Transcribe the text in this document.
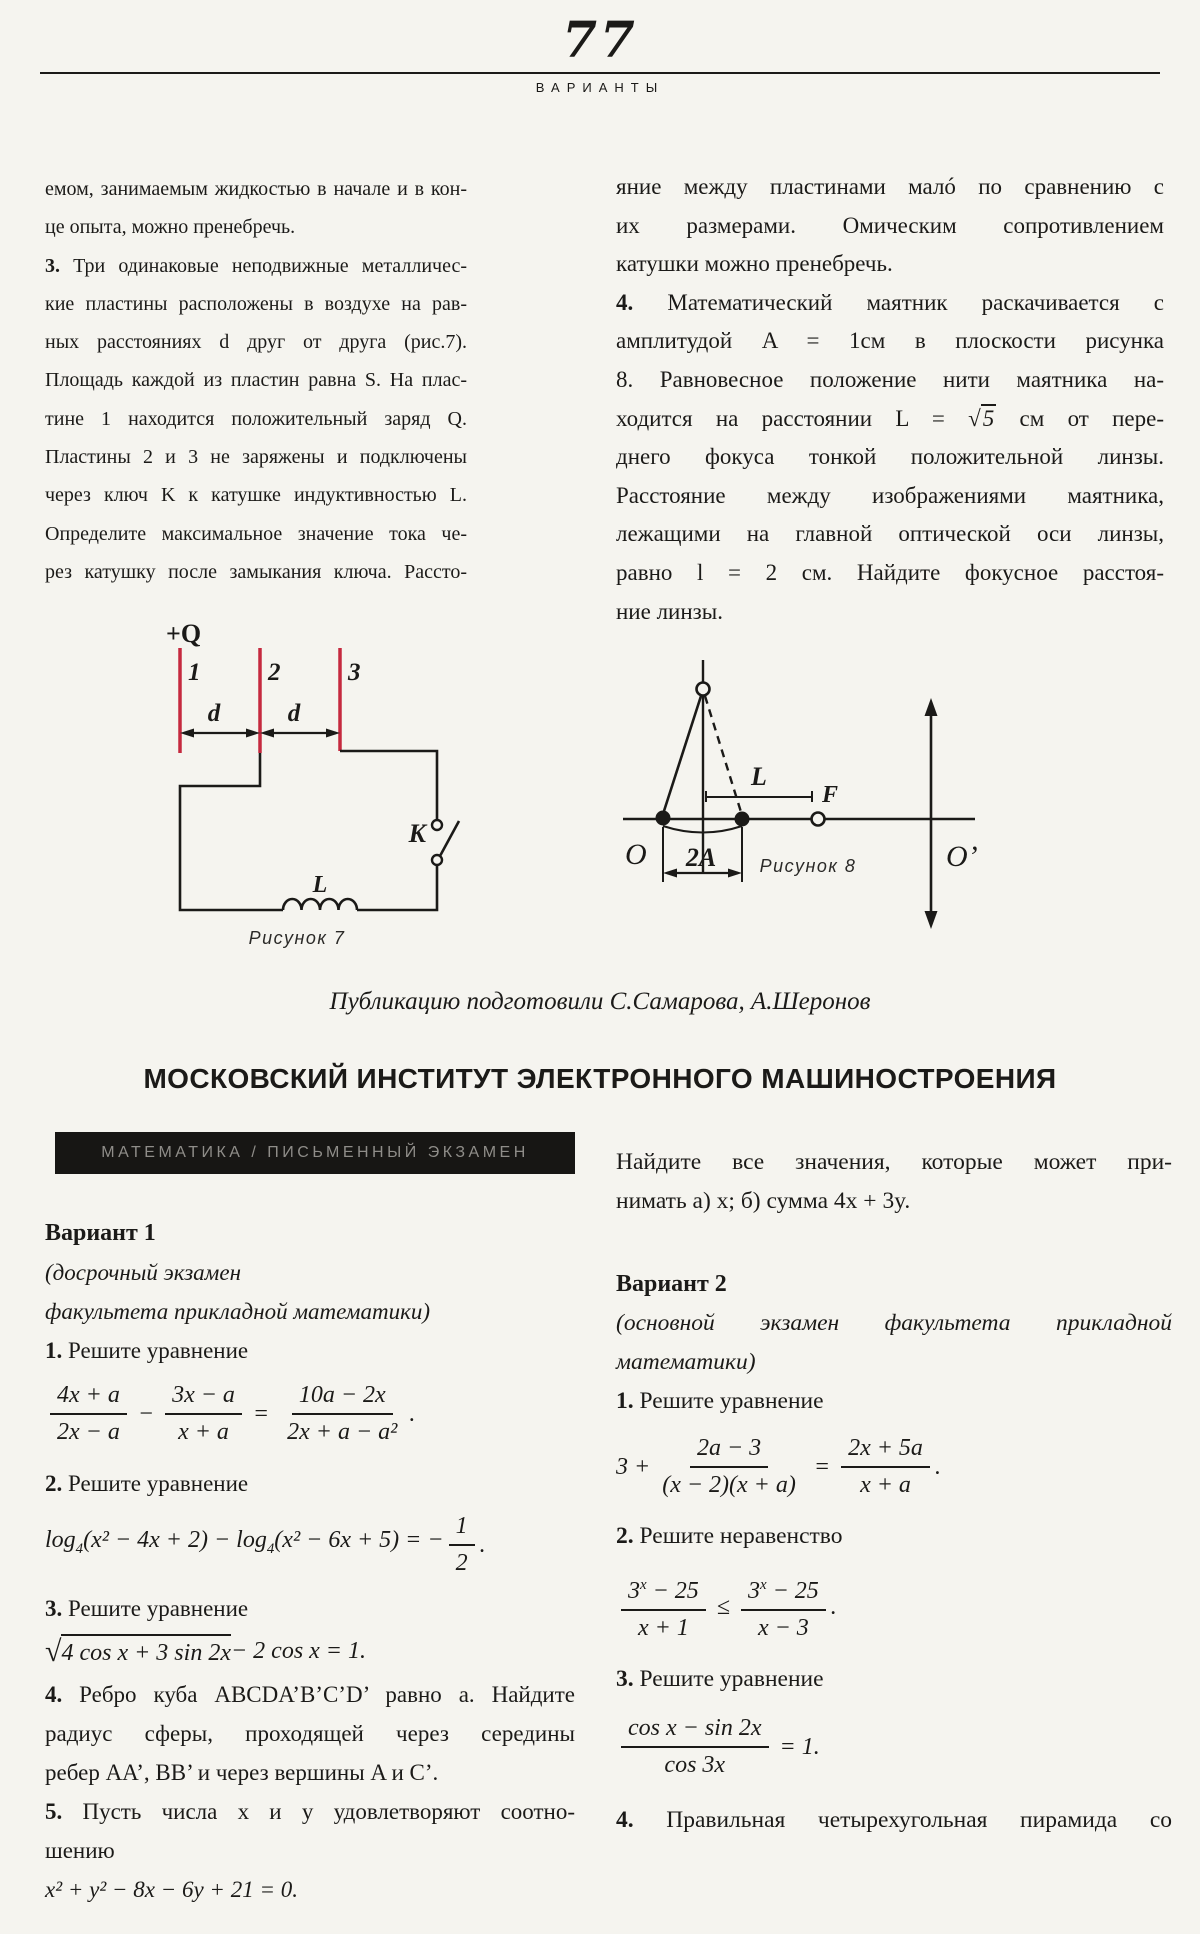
77
ВАРИАНТЫ
емом, занимаемым жидкостью в начале и в кон-
це опыта, можно пренебречь.
3. Три одинаковые неподвижные металличес-
кие пластины расположены в воздухе на рав-
ных расстояниях d друг от друга (рис.7).
Площадь каждой из пластин равна S. На плас-
тине 1 находится положительный заряд Q.
Пластины 2 и 3 не заряжены и подключены
через ключ K к катушке индуктивностью L.
Определите максимальное значение тока че-
рез катушку после замыкания ключа. Рассто-
яние между пластинами малó по сравнению с
их размерами. Омическим сопротивлением
катушки можно пренебречь.
4. Математический маятник раскачивается с
амплитудой A = 1см в плоскости рисунка
8. Равновесное положение нити маятника на-
ходится на расстоянии L = √5 см от пере-
днего фокуса тонкой положительной линзы.
Расстояние между изображениями маятника,
лежащими на главной оптической оси линзы,
равно l = 2 см. Найдите фокусное расстоя-
ние линзы.
+Q
1	2	3
d	d
K
L
Рисунок 7
L
F
2A
O	O’
Рисунок 8
Публикацию подготовили С.Самарова, А.Шеронов
МОСКОВСКИЙ ИНСТИТУТ ЭЛЕКТРОННОГО МАШИНОСТРОЕНИЯ
МАТЕМАТИКА / ПИСЬМЕННЫЙ ЭКЗАМЕН
Вариант 1
(досрочный экзамен
факультета прикладной математики)
1. Решите уравнение
4x + a
2x − a
− $\frac{3x - a}{x + a} = \frac{10a - 2x}{\text{2x + a − a²}}$ .
2. Решите уравнение
$\log_4(x^2 - 4x + 2) - \log_4(x^2 - 6x + 5)$ = − $\frac{1}{2}$ .
3. Решите уравнение
√ 4 cos x + 3 sin 2x − 2 cos x = 1.
4. Ребро куба ABCDA’B’C’D’ равно a. Найдите
радиус сферы, проходящей через середины
ребер AA’, BB’ и через вершины A и C’.
5. Пусть числа x и y удовлетворяют соотно-
шению
x² + y² − 8x − 6y + 21 = 0.
Найдите все значения, которые может при-
нимать а) x; б) сумма 4x + 3y.
Вариант 2
(основной экзамен факультета прикладной
математики)
1. Решите уравнение
$3 + \frac{2a - 3}{(x - 2)(x + a)} = \frac{2x + 5a}{x + a}$ .
2. Решите неравенство
$\frac{3^x - 25}{x + 1} \le \frac{3^x - 25}{x - 3}$ .
3. Решите уравнение
$\frac{\text{cos x − sin 2x}}{\cos 3x} = 1$.
4. Правильная четырехугольная пирамида со
